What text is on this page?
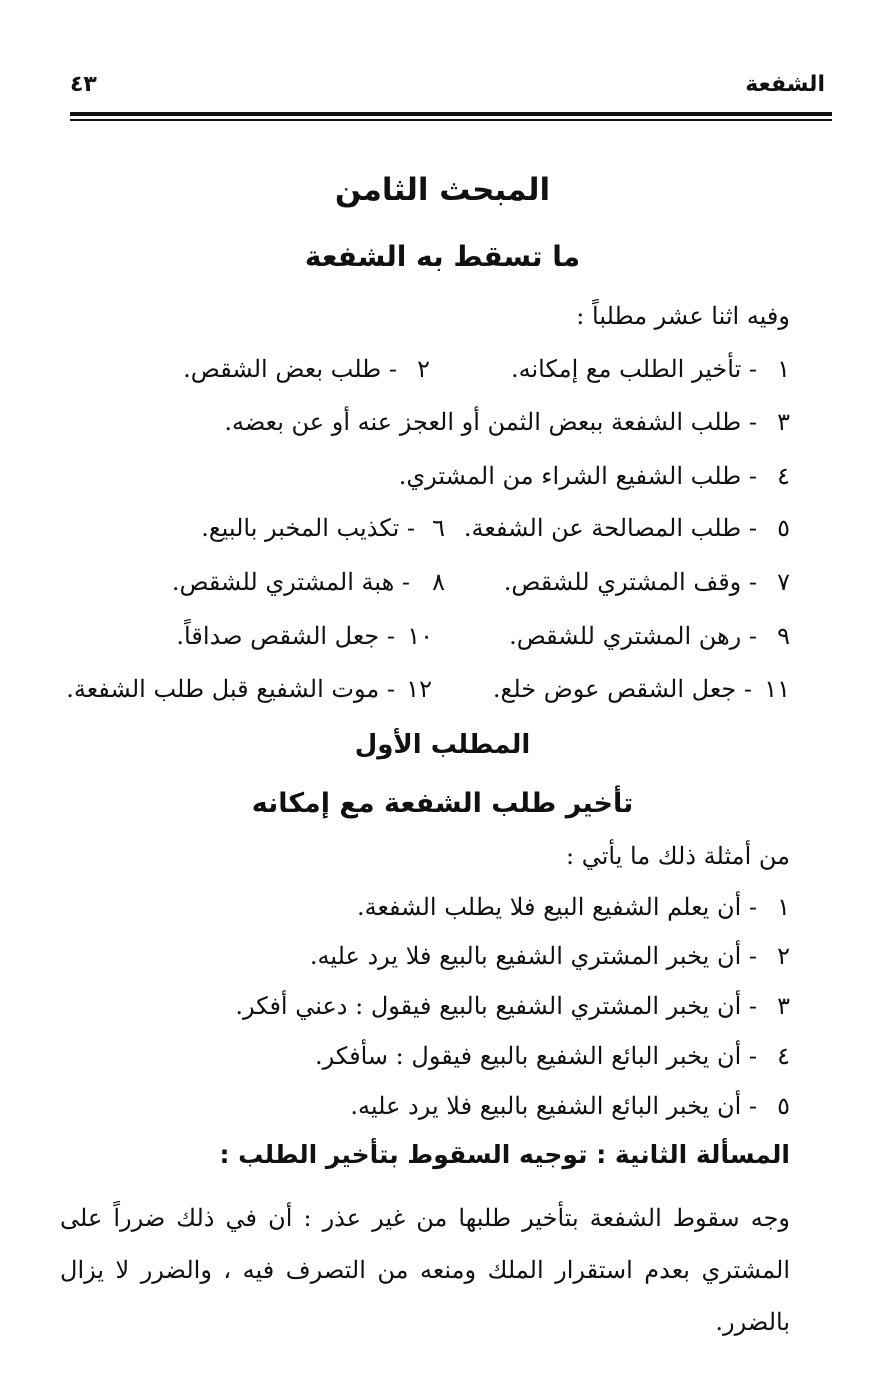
الشفعة
٤٣
المبحث الثامن
ما تسقط به الشفعة
وفيه اثنا عشر مطلباً :
١
- تأخير الطلب مع إمكانه.
٢
- طلب بعض الشقص.
٣
- طلب الشفعة ببعض الثمن أو العجز عنه أو عن بعضه.
٤
- طلب الشفيع الشراء من المشتري.
٥
- طلب المصالحة عن الشفعة.
٦
- تكذيب المخبر بالبيع.
٧
- وقف المشتري للشقص.
٨
- هبة المشتري للشقص.
٩
- رهن المشتري للشقص.
١٠
- جعل الشقص صداقاً.
١١
- جعل الشقص عوض خلع.
١٢
- موت الشفيع قبل طلب الشفعة.
المطلب الأول
تأخير طلب الشفعة مع إمكانه
من أمثلة ذلك ما يأتي :
١
- أن يعلم الشفيع البيع فلا يطلب الشفعة.
٢
- أن يخبر المشتري الشفيع بالبيع فلا يرد عليه.
٣
- أن يخبر المشتري الشفيع بالبيع فيقول : دعني أفكر.
٤
- أن يخبر البائع الشفيع بالبيع فيقول : سأفكر.
٥
- أن يخبر البائع الشفيع بالبيع فلا يرد عليه.
المسألة الثانية : توجيه السقوط بتأخير الطلب :
وجه سقوط الشفعة بتأخير طلبها من غير عذر : أن في ذلك ضرراً على المشتري بعدم استقرار الملك ومنعه من التصرف فيه ، والضرر لا يزال بالضرر.
